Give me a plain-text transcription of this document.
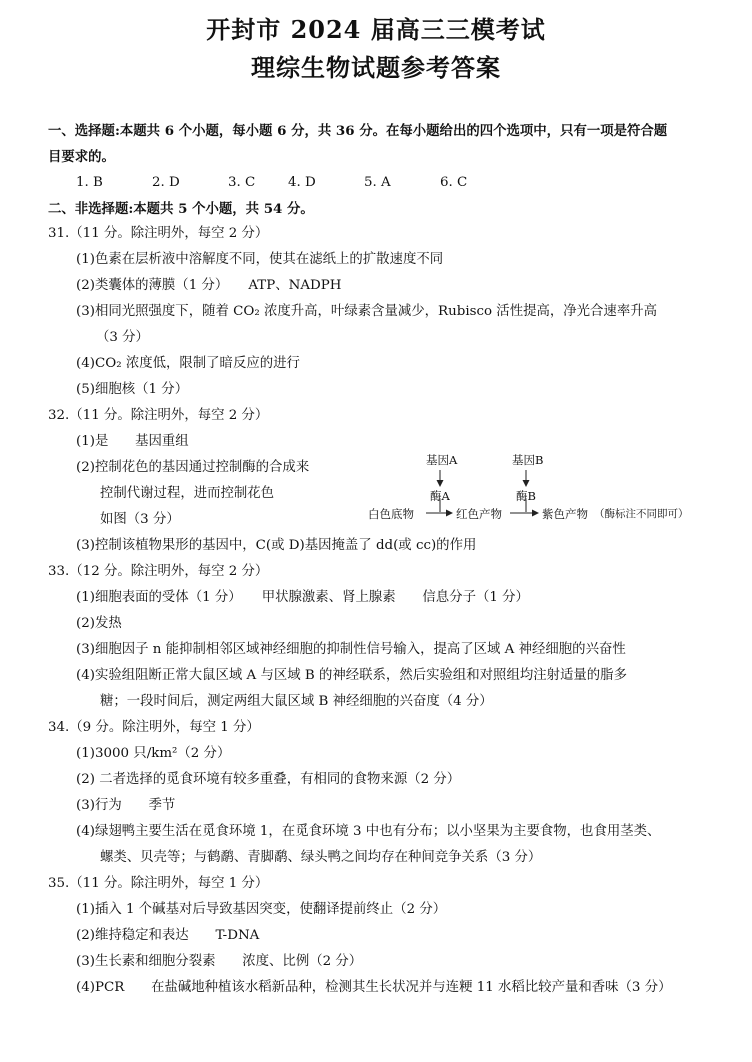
开封市 2024 届高三三模考试
理综生物试题参考答案
一、选择题:本题共 6 个小题，每小题 6 分，共 36 分。在每小题给出的四个选项中，只有一项是符合题
目要求的。
1. B	2. D	3. C 4. D	5. A	6. C
二、非选择题:本题共 5 个小题，共 54 分。
31.（11 分。除注明外，每空 2 分）
(1)色素在层析液中溶解度不同，使其在滤纸上的扩散速度不同
(2)类囊体的薄膜（1 分）　　ATP、NADPH
(3)相同光照强度下，随着 CO₂ 浓度升高，叶绿素含量减少，Rubisco 活性提高，净光合速率升高
（3 分）
(4)CO₂ 浓度低，限制了暗反应的进行
(5)细胞核（1 分）
32.（11 分。除注明外，每空 2 分）
(1)是　　基因重组
(2)控制花色的基因通过控制酶的合成来
控制代谢过程，进而控制花色
如图（3 分）
基因A	基因B
酶A	酶B
白色底物	红色产物	紫色产物 （酶标注不同即可）
(3)控制该植物果形的基因中，C(或 D)基因掩盖了 dd(或 cc)的作用
33.（12 分。除注明外，每空 2 分）
(1)细胞表面的受体（1 分）　　甲状腺激素、肾上腺素　　信息分子（1 分）
(2)发热
(3)细胞因子 n 能抑制相邻区域神经细胞的抑制性信号输入，提高了区域 A 神经细胞的兴奋性
(4)实验组阻断正常大鼠区域 A 与区域 B 的神经联系，然后实验组和对照组均注射适量的脂多
糖；一段时间后，测定两组大鼠区域 B 神经细胞的兴奋度（4 分）
34.（9 分。除注明外，每空 1 分）
(1)3000 只/km²（2 分）
(2) 二者选择的觅食环境有较多重叠，有相同的食物来源（2 分）
(3)行为　　季节
(4)绿翅鸭主要生活在觅食环境 1，在觅食环境 3 中也有分布；以小坚果为主要食物，也食用茎类、
螺类、贝壳等；与鹤鹬、青脚鹬、绿头鸭之间均存在种间竞争关系（3 分）
35.（11 分。除注明外，每空 1 分）
(1)插入 1 个碱基对后导致基因突变，使翻译提前终止（2 分）
(2)维持稳定和表达　　T-DNA
(3)生长素和细胞分裂素　　浓度、比例（2 分）
(4)PCR　　在盐碱地种植该水稻新品种，检测其生长状况并与连粳 11 水稻比较产量和香味（3 分）
